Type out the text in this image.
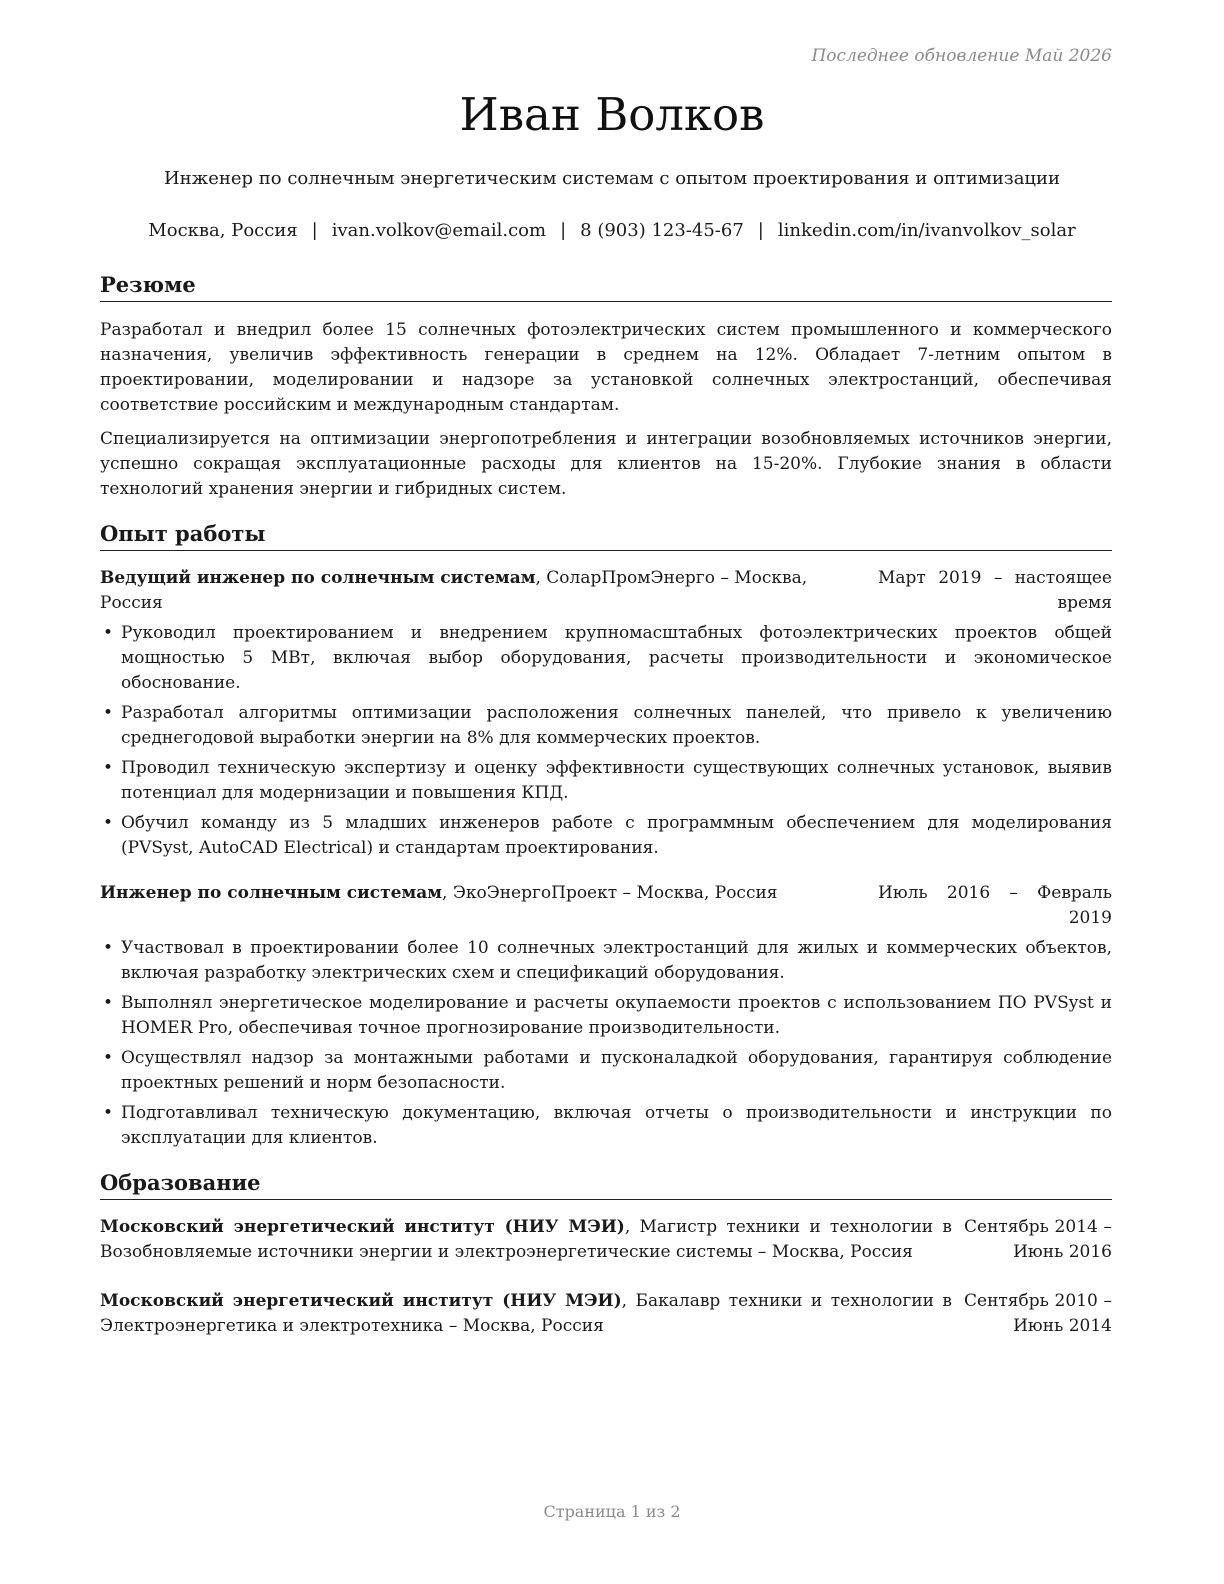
Последнее обновление Май 2026
Иван Волков
Инженер по солнечным энергетическим системам с опытом проектирования и оптимизации
Москва, Россия | ivan.volkov@email.com | 8 (903) 123-45-67 | linkedin.com/in/ivanvolkov_solar
Резюме

Разработал и внедрил более 15 солнечных фотоэлектрических систем промышленного и коммерческого назначения, увеличив эффективность генерации в среднем на 12%. Обладает 7-летним опытом в проектировании, моделировании и надзоре за установкой солнечных электростанций, обеспечивая соответствие российским и международным стандартам.

Специализируется на оптимизации энергопотребления и интеграции возобновляемых источников энергии, успешно сокращая эксплуатационные расходы для клиентов на 15-20%. Глубокие знания в области технологий хранения энергии и гибридных систем.

Опыт работы
Ведущий инженер по солнечным системам, СоларПромЭнерго – Москва, Россия
Март 2019 – настоящее время
• Руководил проектированием и внедрением крупномасштабных фотоэлектрических проектов общей мощностью 5 МВт, включая выбор оборудования, расчеты производительности и экономическое обоснование.
• Разработал алгоритмы оптимизации расположения солнечных панелей, что привело к увеличению среднегодовой выработки энергии на 8% для коммерческих проектов.
• Проводил техническую экспертизу и оценку эффективности существующих солнечных установок, выявив потенциал для модернизации и повышения КПД.
• Обучил команду из 5 младших инженеров работе с программным обеспечением для моделирования (PVSyst, AutoCAD Electrical) и стандартам проектирования.
Инженер по солнечным системам, ЭкоЭнергоПроект – Москва, Россия	Июль 2016 – Февраль 2019
• Участвовал в проектировании более 10 солнечных электростанций для жилых и коммерческих объектов, включая разработку электрических схем и спецификаций оборудования.
• Выполнял энергетическое моделирование и расчеты окупаемости проектов с использованием ПО PVSyst и HOMER Pro, обеспечивая точное прогнозирование производительности.
• Осуществлял надзор за монтажными работами и пусконаладкой оборудования, гарантируя соблюдение проектных решений и норм безопасности.
• Подготавливал техническую документацию, включая отчеты о производительности и инструкции по эксплуатации для клиентов.
Образование
Московский энергетический институт (НИУ МЭИ), Магистр техники и технологии в Возобновляемые источники энергии и электроэнергетические системы – Москва, Россия
Сентябрь 2014 – Июнь 2016
Московский энергетический институт (НИУ МЭИ), Бакалавр техники и технологии в Электроэнергетика и электротехника – Москва, Россия
Сентябрь 2010 – Июнь 2014
Страница 1 из 2
